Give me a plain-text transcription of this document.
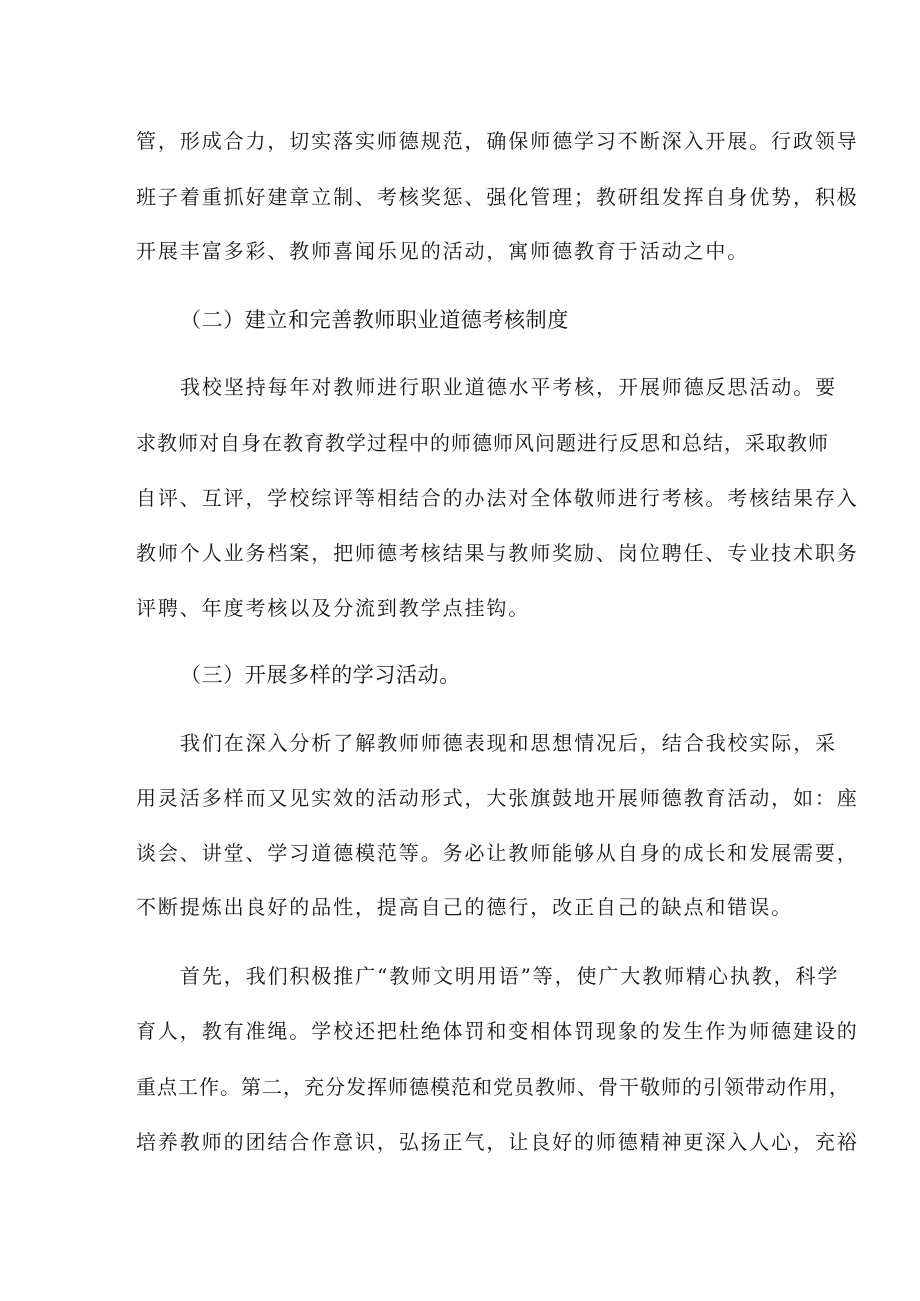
管，形成合力，切实落实师德规范，确保师德学习不断深入开展。行政领导
班子着重抓好建章立制、考核奖惩、强化管理；教研组发挥自身优势，积极
开展丰富多彩、教师喜闻乐见的活动，寓师德教育于活动之中。
（二）建立和完善教师职业道德考核制度
我校坚持每年对教师进行职业道德水平考核，开展师德反思活动。要
求教师对自身在教育教学过程中的师德师风问题进行反思和总结，采取教师
自评、互评，学校综评等相结合的办法对全体敬师进行考核。考核结果存入
教师个人业务档案，把师德考核结果与教师奖励、岗位聘任、专业技术职务
评聘、年度考核以及分流到教学点挂钩。
（三）开展多样的学习活动。
我们在深入分析了解教师师德表现和思想情况后，结合我校实际，采
用灵活多样而又见实效的活动形式，大张旗鼓地开展师德教育活动，如：座
谈会、讲堂、学习道德模范等。务必让教师能够从自身的成长和发展需要，
不断提炼出良好的品性，提高自己的德行，改正自己的缺点和错误。
首先，我们积极推广“教师文明用语”等，使广大教师精心执教，科学
育人，教有准绳。学校还把杜绝体罚和变相体罚现象的发生作为师德建设的
重点工作。第二，充分发挥师德模范和党员教师、骨干敬师的引领带动作用，
培养教师的团结合作意识，弘扬正气，让良好的师德精神更深入人心，充裕
